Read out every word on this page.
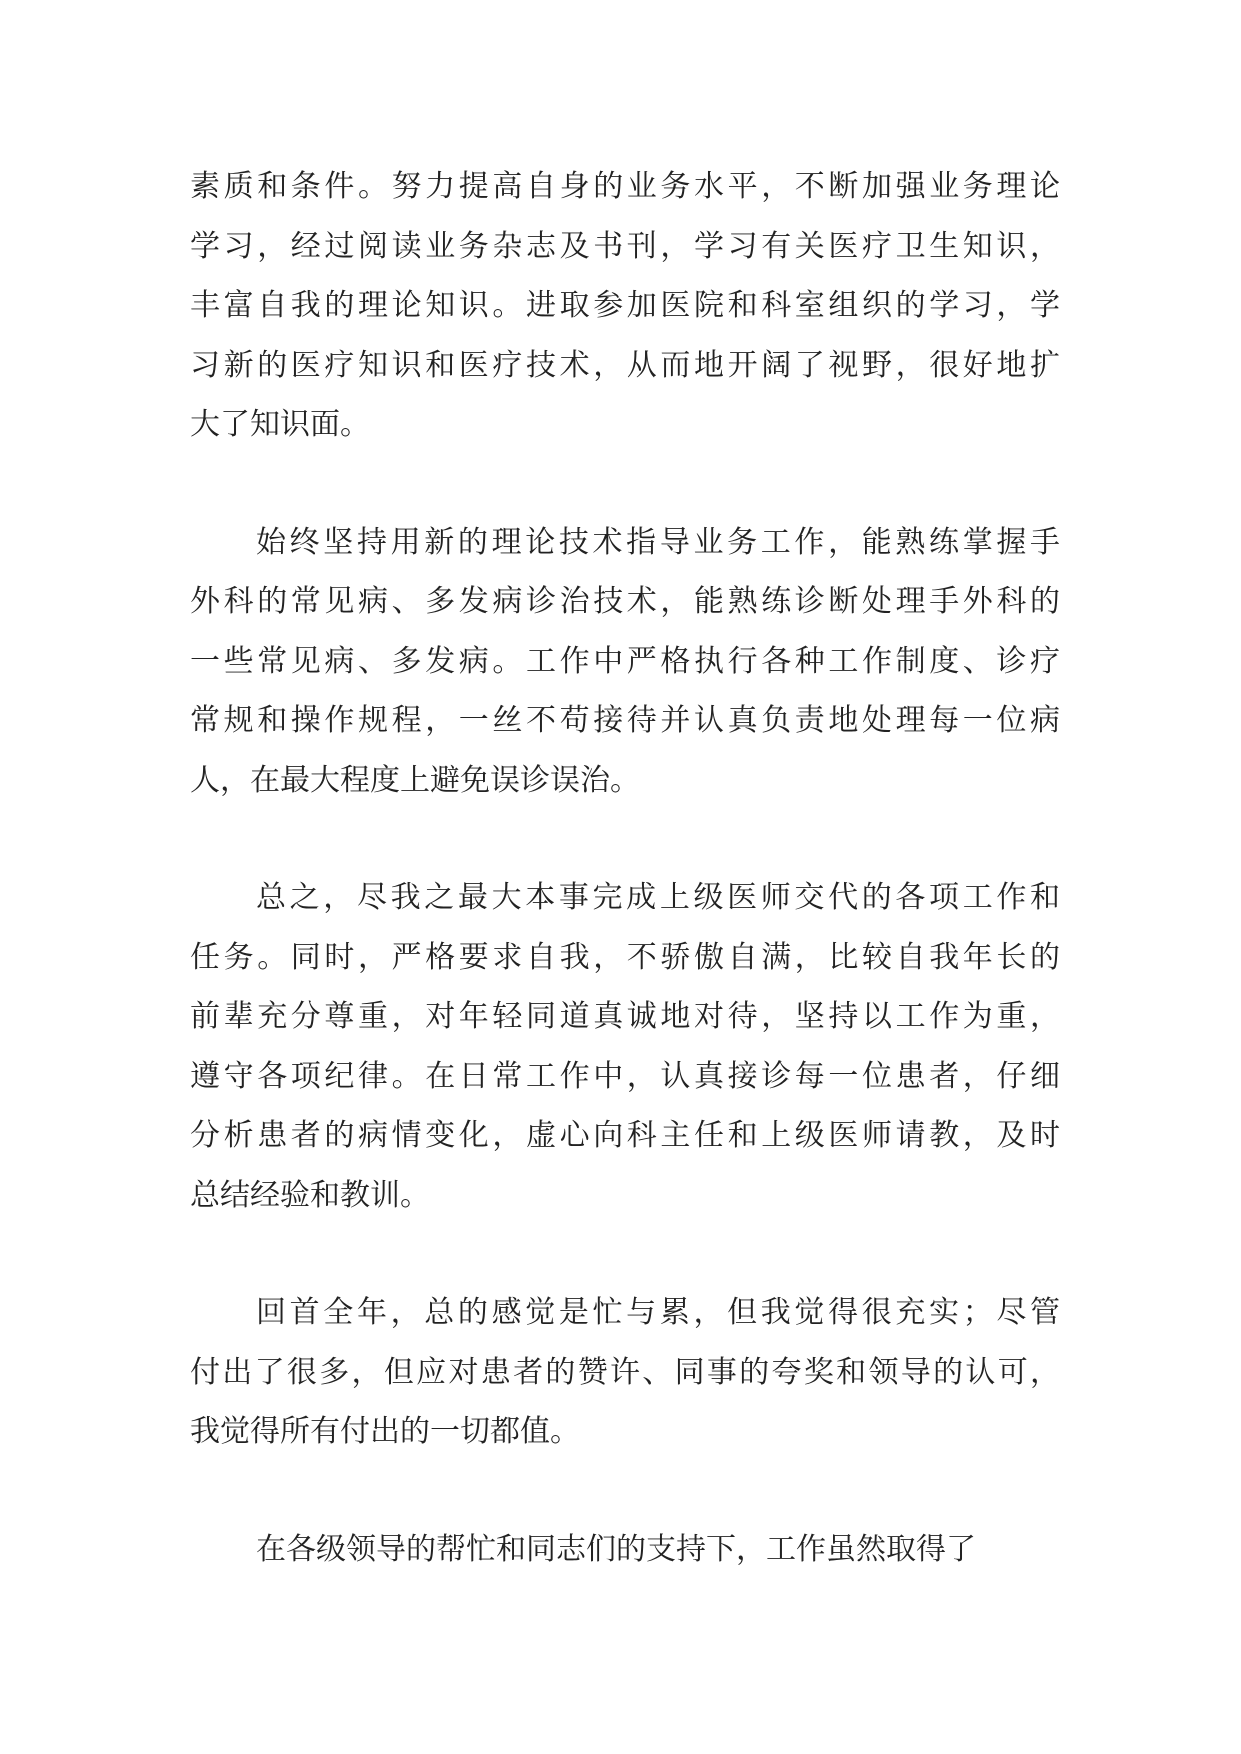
素质和条件。努力提高自身的业务水平，不断加强业务理论
学习，经过阅读业务杂志及书刊，学习有关医疗卫生知识，
丰富自我的理论知识。进取参加医院和科室组织的学习，学
习新的医疗知识和医疗技术，从而地开阔了视野，很好地扩
大了知识面。
始终坚持用新的理论技术指导业务工作，能熟练掌握手
外科的常见病、多发病诊治技术，能熟练诊断处理手外科的
一些常见病、多发病。工作中严格执行各种工作制度、诊疗
常规和操作规程，一丝不苟接待并认真负责地处理每一位病
人，在最大程度上避免误诊误治。
总之，尽我之最大本事完成上级医师交代的各项工作和
任务。同时，严格要求自我，不骄傲自满，比较自我年长的
前辈充分尊重，对年轻同道真诚地对待，坚持以工作为重，
遵守各项纪律。在日常工作中，认真接诊每一位患者，仔细
分析患者的病情变化，虚心向科主任和上级医师请教，及时
总结经验和教训。
回首全年，总的感觉是忙与累，但我觉得很充实；尽管
付出了很多，但应对患者的赞许、同事的夸奖和领导的认可，
我觉得所有付出的一切都值。
在各级领导的帮忙和同志们的支持下，工作虽然取得了
